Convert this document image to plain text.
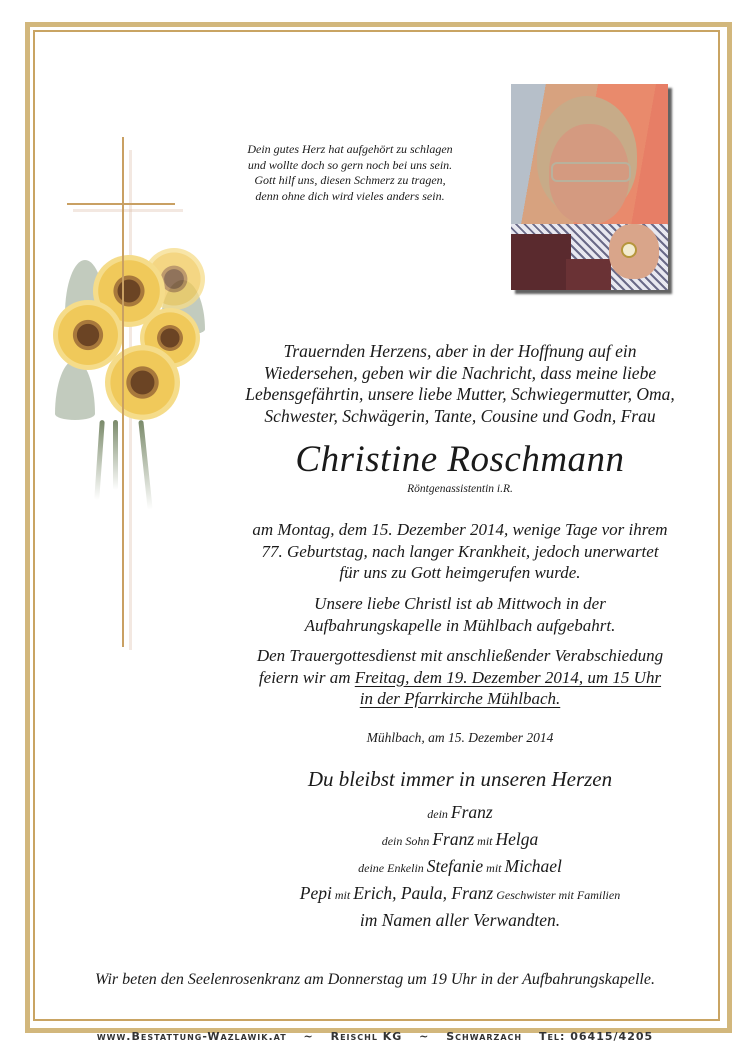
Dein gutes Herz hat aufgehört zu schlagen
und wollte doch so gern noch bei uns sein.
Gott hilf uns, diesen Schmerz zu tragen,
denn ohne dich wird vieles anders sein.
Trauernden Herzens, aber in der Hoffnung auf ein
Wiedersehen, geben wir die Nachricht, dass meine liebe
Lebensgefährtin, unsere liebe Mutter, Schwiegermutter, Oma,
Schwester, Schwägerin, Tante, Cousine und Godn, Frau
Christine Roschmann
Röntgenassistentin i.R.
am Montag, dem 15. Dezember 2014, wenige Tage vor ihrem
77. Geburtstag, nach langer Krankheit, jedoch unerwartet
für uns zu Gott heimgerufen wurde.
Unsere liebe Christl ist ab Mittwoch in der
Aufbahrungskapelle in Mühlbach aufgebahrt.
Den Trauergottesdienst mit anschließender Verabschiedung
feiern wir am Freitag, dem 19. Dezember 2014, um 15 Uhr
in der Pfarrkirche Mühlbach.
Mühlbach, am 15. Dezember 2014
Du bleibst immer in unseren Herzen
dein Franz
dein Sohn Franz mit Helga
deine Enkelin Stefanie mit Michael
Pepi mit Erich, Paula, Franz Geschwister mit Familien
im Namen aller Verwandten.
Wir beten den Seelenrosenkranz am Donnerstag um 19 Uhr in der Aufbahrungskapelle.
www.Bestattung-Wazlawik.at ~ Reischl KG ~ Schwarzach Tel: 06415/4205
